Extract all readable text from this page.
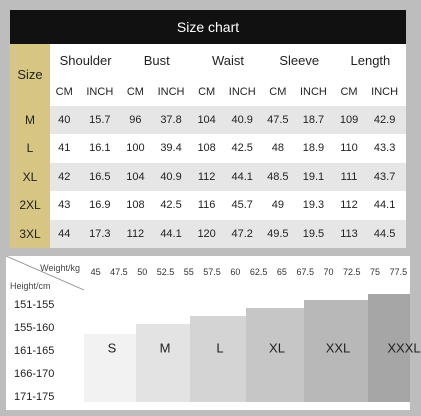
Size chart
Size
Shoulder
CM	INCH
Bust
CM	INCH
Waist
CM	INCH
Sleeve
CM	INCH
Length
CM	INCH
M	40	15.7	96	37.8	104	40.9	47.5	18.7	109	42.9
L	41	16.1	100	39.4	108	42.5	48	18.9	110	43.3
XL	42	16.5	104	40.9	112	44.1	48.5	19.1	111	43.7
2XL	43	16.9	108	42.5	116	45.7	49	19.3	112	44.1
3XL	44	17.3	112	44.1	120	47.2	49.5	19.5	113	44.5
S	M	L	XL	XXL	XXXL
Weight/kg
Height/cm
45 47.5 50 52.5 55 57.5 60 62.5 65 67.5 70 72.5 75 77.5
151-155
155-160
161-165
166-170
171-175
